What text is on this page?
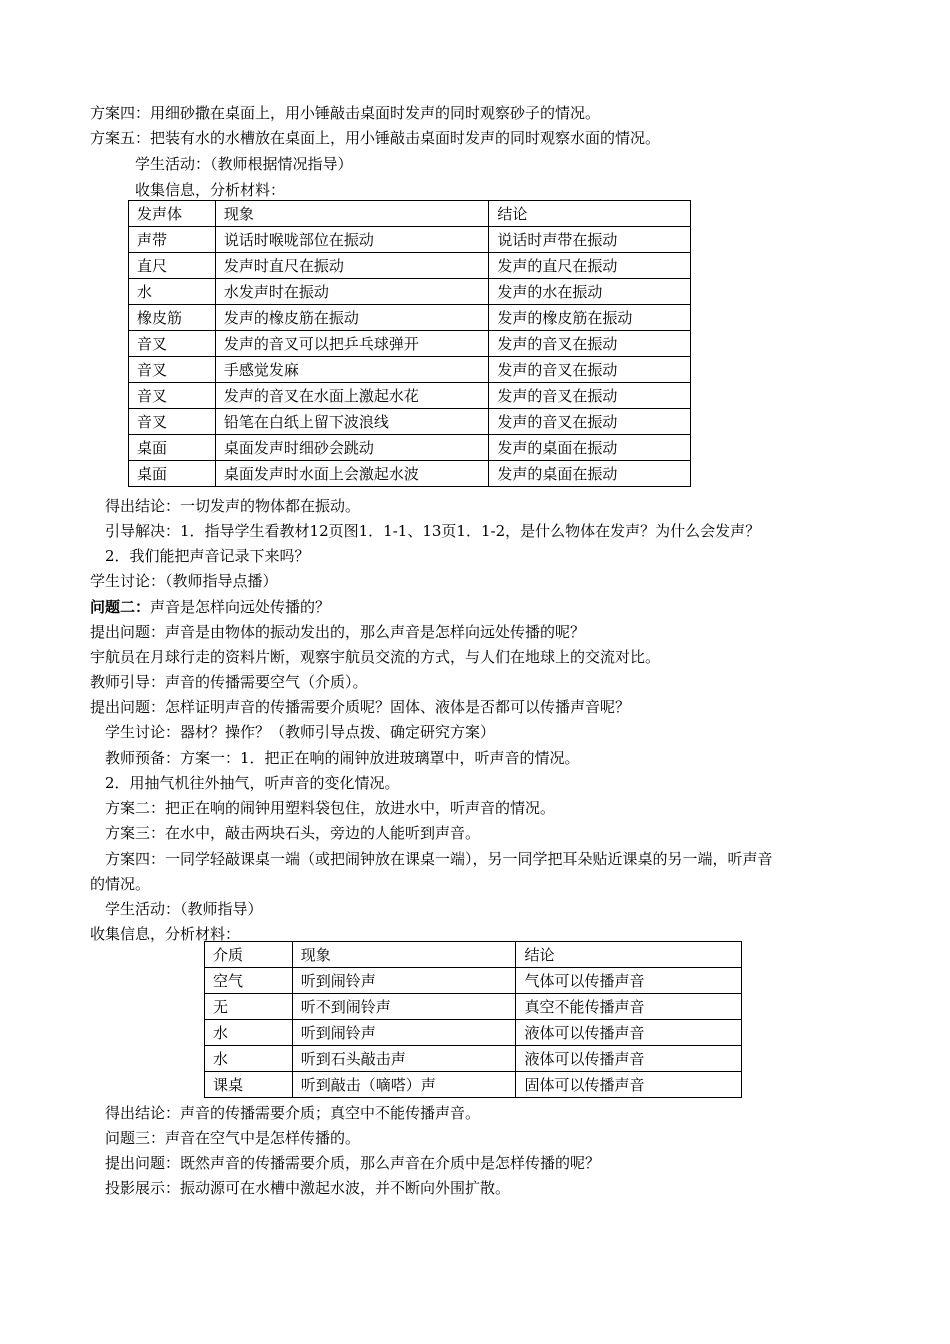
方案四：用细砂撒在桌面上，用小锤敲击桌面时发声的同时观察砂子的情况。
方案五：把装有水的水槽放在桌面上，用小锤敲击桌面时发声的同时观察水面的情况。
学生活动：（教师根据情况指导）
收集信息，分析材料：
发声体	现象	结论
声带	说话时喉咙部位在振动	说话时声带在振动
直尺	发声时直尺在振动	发声的直尺在振动
水	水发声时在振动	发声的水在振动
橡皮筋	发声的橡皮筋在振动	发声的橡皮筋在振动
音叉	发声的音叉可以把乒乓球弹开	发声的音叉在振动
音叉	手感觉发麻	发声的音叉在振动
音叉	发声的音叉在水面上激起水花	发声的音叉在振动
音叉	铅笔在白纸上留下波浪线	发声的音叉在振动
桌面	桌面发声时细砂会跳动	发声的桌面在振动
桌面	桌面发声时水面上会激起水波	发声的桌面在振动
得出结论：一切发声的物体都在振动。
引导解决：1．指导学生看教材12页图1．1-1、13页1．1-2，是什么物体在发声？为什么会发声？
2．我们能把声音记录下来吗？
学生讨论：（教师指导点播）
问题二：声音是怎样向远处传播的？
提出问题：声音是由物体的振动发出的，那么声音是怎样向远处传播的呢？
宇航员在月球行走的资料片断，观察宇航员交流的方式，与人们在地球上的交流对比。
教师引导：声音的传播需要空气（介质）。
提出问题：怎样证明声音的传播需要介质呢？固体、液体是否都可以传播声音呢？
学生讨论：器材？操作？（教师引导点拨、确定研究方案）
教师预备：方案一：1．把正在响的闹钟放进玻璃罩中，听声音的情况。
2．用抽气机往外抽气，听声音的变化情况。
方案二：把正在响的闹钟用塑料袋包住，放进水中，听声音的情况。
方案三：在水中，敲击两块石头，旁边的人能听到声音。
方案四：一同学轻敲课桌一端（或把闹钟放在课桌一端），另一同学把耳朵贴近课桌的另一端，听声音
的情况。
学生活动：（教师指导）
收集信息，分析材料：
介质	现象	结论
空气	听到闹铃声	气体可以传播声音
无	听不到闹铃声	真空不能传播声音
水	听到闹铃声	液体可以传播声音
水	听到石头敲击声	液体可以传播声音
课桌	听到敲击（嘀嗒）声	固体可以传播声音
得出结论：声音的传播需要介质；真空中不能传播声音。
问题三：声音在空气中是怎样传播的。
提出问题：既然声音的传播需要介质，那么声音在介质中是怎样传播的呢？
投影展示：振动源可在水槽中激起水波，并不断向外围扩散。
